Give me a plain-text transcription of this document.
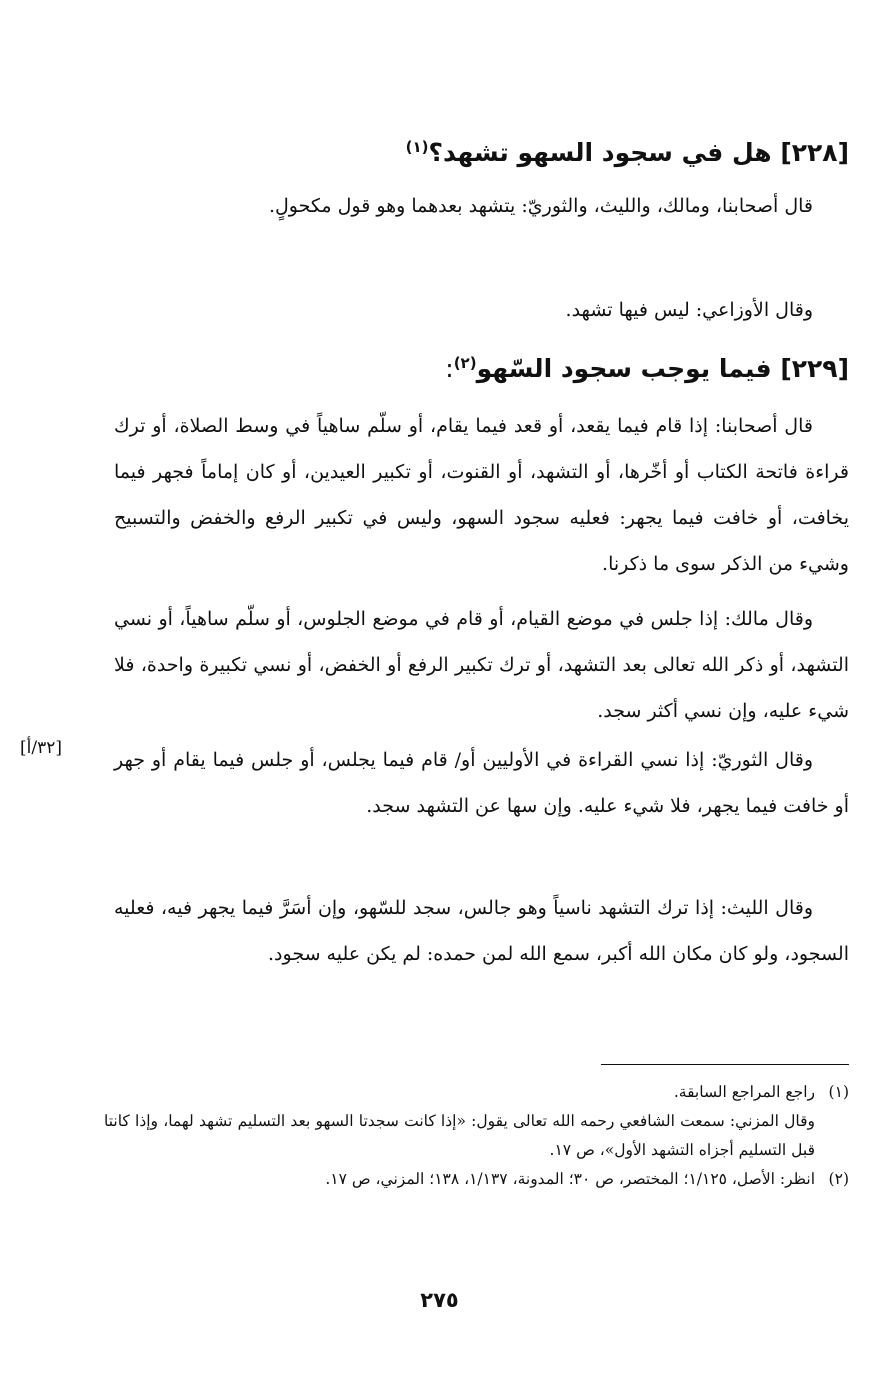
[٢٢٨] هل في سجود السهو تشهد؟$^{(١)}$

قال أصحابنا، ومالك، والليث، والثوريّ: يتشهد بعدهما وهو قول مكحولٍ.

وقال الأوزاعي: ليس فيها تشهد.

[٢٢٩] فيما يوجب سجود السّهو$^{(٢)}$:

قال أصحابنا: إذا قام فيما يقعد، أو قعد فيما يقام، أو سلّم ساهياً في وسط الصلاة، أو ترك قراءة فاتحة الكتاب أو أخّرها، أو التشهد، أو القنوت، أو تكبير العيدين، أو كان إماماً فجهر فيما يخافت، أو خافت فيما يجهر: فعليه سجود السهو، وليس في تكبير الرفع والخفض والتسبيح وشيء من الذكر سوى ما ذكرنا.

وقال مالك: إذا جلس في موضع القيام، أو قام في موضع الجلوس، أو سلّم ساهياً، أو نسي التشهد، أو ذكر الله تعالى بعد التشهد، أو ترك تكبير الرفع أو الخفض، أو نسي تكبيرة واحدة، فلا شيء عليه، وإن نسي أكثر سجد.

وقال الثوريّ: إذا نسي القراءة في الأوليين أو/ قام فيما يجلس، أو جلس فيما يقام أو جهر أو خافت فيما يجهر، فلا شيء عليه. وإن سها عن التشهد سجد.

[٣٢/أ]

وقال الليث: إذا ترك التشهد ناسياً وهو جالس، سجد للسّهو، وإن أسَرَّ فيما يجهر فيه، فعليه السجود، ولو كان مكان الله أكبر، سمع الله لمن حمده: لم يكن عليه سجود.

(١)راجع المراجع السابقة.

وقال المزني: سمعت الشافعي رحمه الله تعالى يقول: «إذا كانت سجدتا السهو بعد التسليم تشهد لهما، وإذا كانتا قبل التسليم أجزاه التشهد الأول»، ص ١٧.

(٢)انظر: الأصل، ١/١٢٥؛ المختصر، ص ٣٠؛ المدونة، ١/١٣٧، ١٣٨؛ المزني، ص ١٧.

٢٧٥
